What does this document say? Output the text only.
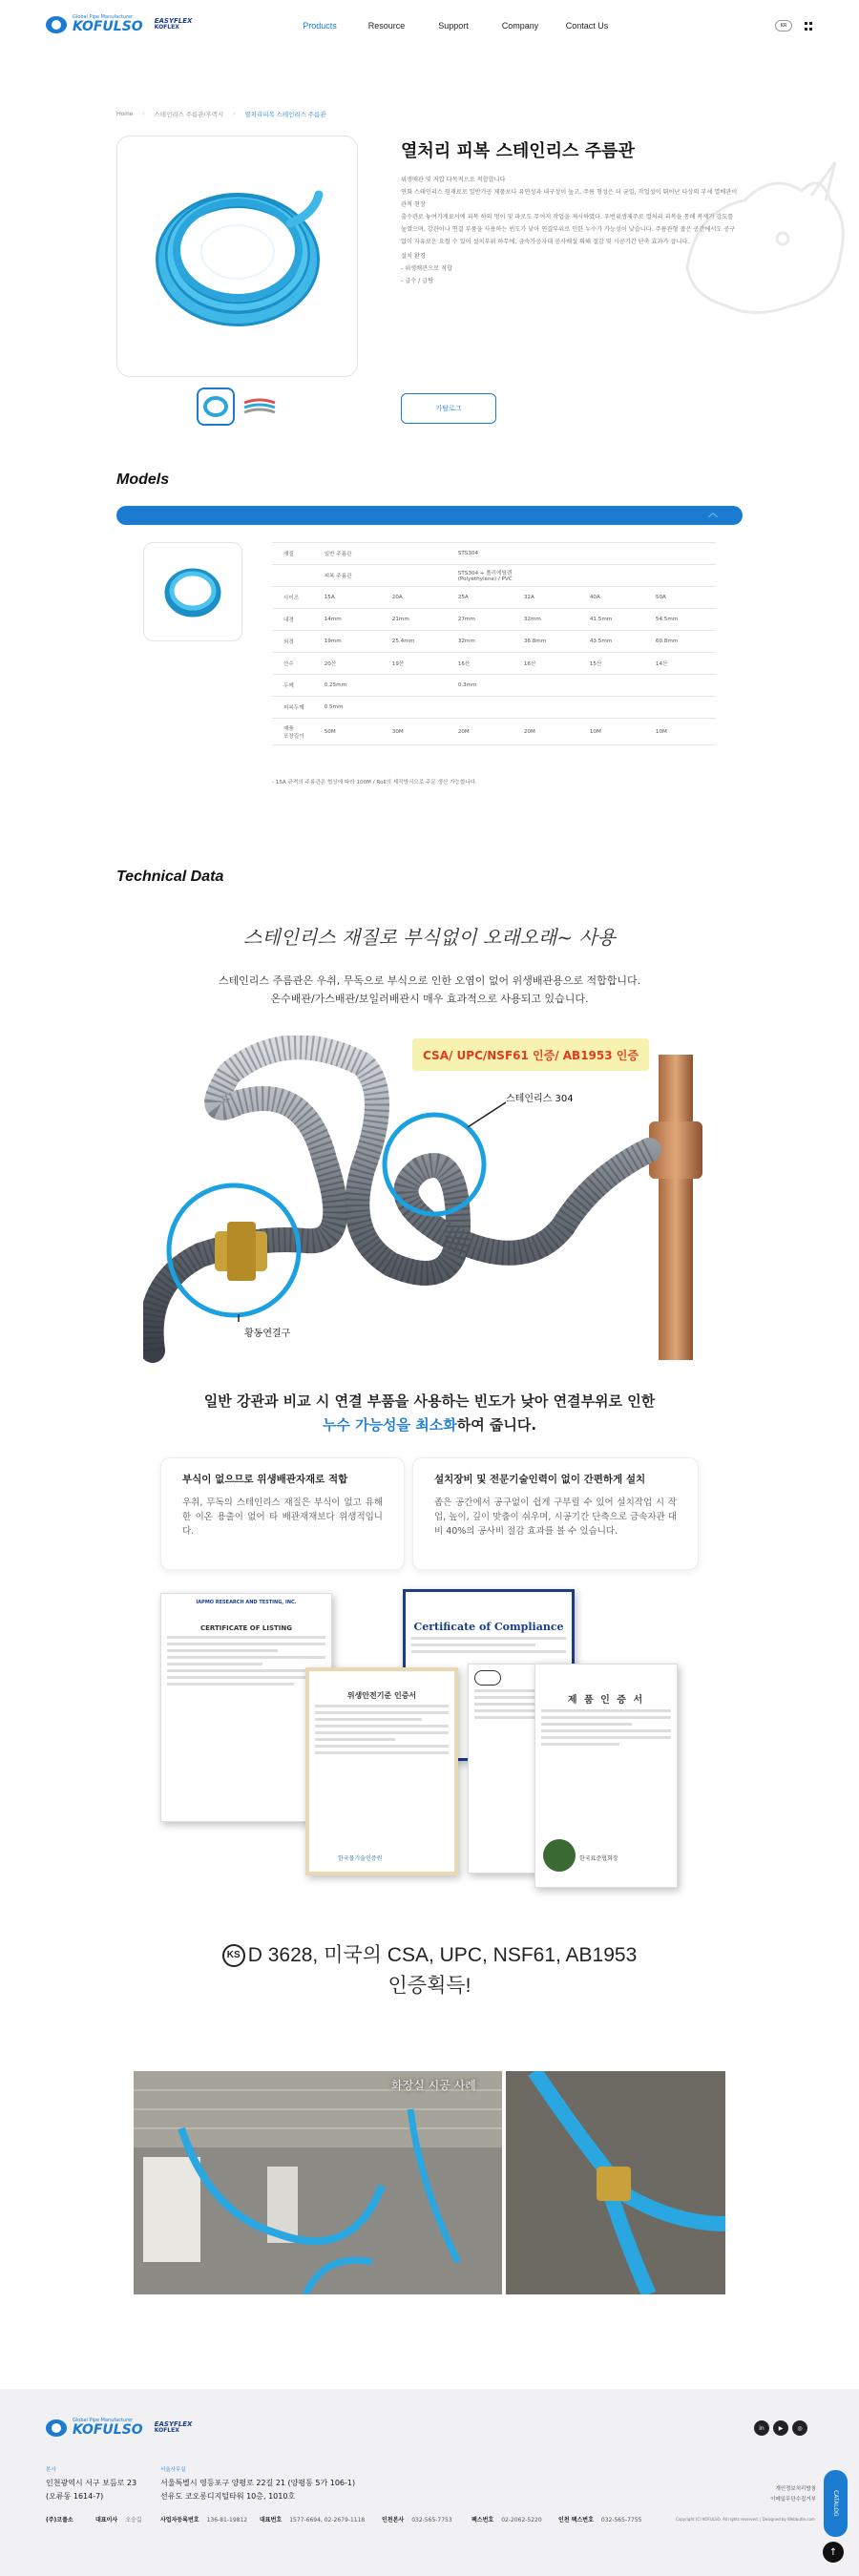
Global Pipe Manufacturer
KOFULSO EASYFLEX
KOFLEX	Products	Resource	Support	Company	Contact Us	KR
Home › 스테인리스 주름관/후렉시 › 열처리피복 스테인리스 주름관
열처리 피복 스테인리스 주름관

위생배관 및 저압 다목적으로 적합합니다

연화 스테인리스 원재료로 일반가공 제품보다 유연성과 내구성이 높고, 주름 형성은 더 균일, 작업성이 뛰어난 다상의 부세 열배관이 관적 현장

출수관로 놓여가게로서에 피복 하의 멍이 및 파로도 무어저 작업을 제시하였다. 우번위생제주로 열처리 피복을 통해 복제기 강도를

높였으며, 강관이나 연결 부품을 사용하는 빈도가 낮아 연결부위로 인한 누수가 가능성이 낮습니다. 주름관형 좁은 공간에서도 공구

없이 자유로운 요철 수 있어 설치부위 하무에, 금속가공자대 공사배설 의해 절감 및 시공기간 단축 효과가 큽니다.

설치 환경
- 위생배관으로 적합
- 급수 / 급탕
카탈로그
Models
︿
재질	일반 주름관		STS304			
	피복 주름관		STS304 + 폴리에틸렌(Polyethylene) / PVC			
사이즈	15A	20A	25A	32A	40A	50A
내경	14mm	21mm	27mm	32mm	41.5mm	54.5mm
외경	19mm	25.4mm	32mm	36.8mm	43.5mm	60.8mm
산수	20산	19산	16산	16산	15산	14산
두께	0.25mm		0.3mm			
피복두께	0.5mm					
제품
포장길이	50M	30M	20M	20M	10M	10M
- 15A 규격의 주름관은 협상에 따라 100M / Roll의 제작방식으로 주문 생산 가능합니다.
Technical Data
스테인리스 재질로 부식없이 오래오래~ 사용
스테인리스 주름관은 우취, 무독으로 부식으로 인한 오염이 없어 위생배관용으로 적합합니다.
온수배관/가스배관/보일러배관시 매우 효과적으로 사용되고 있습니다.
CSA/ UPC/NSF61 인증/ AB1953 인증
스테인리스 304
황동연결구
일반 강관과 비교 시 연결 부품을 사용하는 빈도가 낮아 연결부위로 인한
누수 가능성을 최소화하여 줍니다.
부식이 없으므로 위생배관자재로 적합

우취, 무독의 스테인리스 재질은 부식이 없고 유해한 이온 용출이 없어 타 배관재재보다 위생적입니다.

설치장비 및 전문기술인력이 없이 간편하게 설치

좁은 공간에서 공구없이 쉽게 구부릴 수 있어 설치작업 시 작업, 높이, 깊이 맞춤이 쉬우며, 시공기간 단축으로 금속자관 대비 40%의 공사비 절감 효과를 볼 수 있습니다.

IAPMO RESEARCH AND TESTING, INC.
CERTIFICATE OF LISTING	Certificate of Compliance
제 품 인 증 서
한국표준협회장
위생안전기준 인증서
한국물기술인증원
KS D 3628, 미국의 CSA, UPC, NSF61, AB1953
인증획득!
화장실 시공 사례
Global Pipe Manufacturer
KOFULSO EASYFLEX
KOFLEX	in	▶	◎
본사
인천광역시 서구 보듬로 23
(오류동 1614-7)
서울사무실
서울특별시 영등포구 양평로 22길 21 (양평동 5가 106-1)
선유도 코오롱디지털타워 10층, 1010호
(주)코풀소	대표이사 오승길	사업자등록번호 136-81-19812 대표번호 1577-6694, 02-2679-1118	인천본사 032-565-7753	팩스번호 02-2062-5220	인천 팩스번호 032-565-7755
개인정보처리방침
이메일무단수집거부
Copyright (C) KOFULSO. All rights reserved. | Designed by Webbutle.com
CATALOG
↑
